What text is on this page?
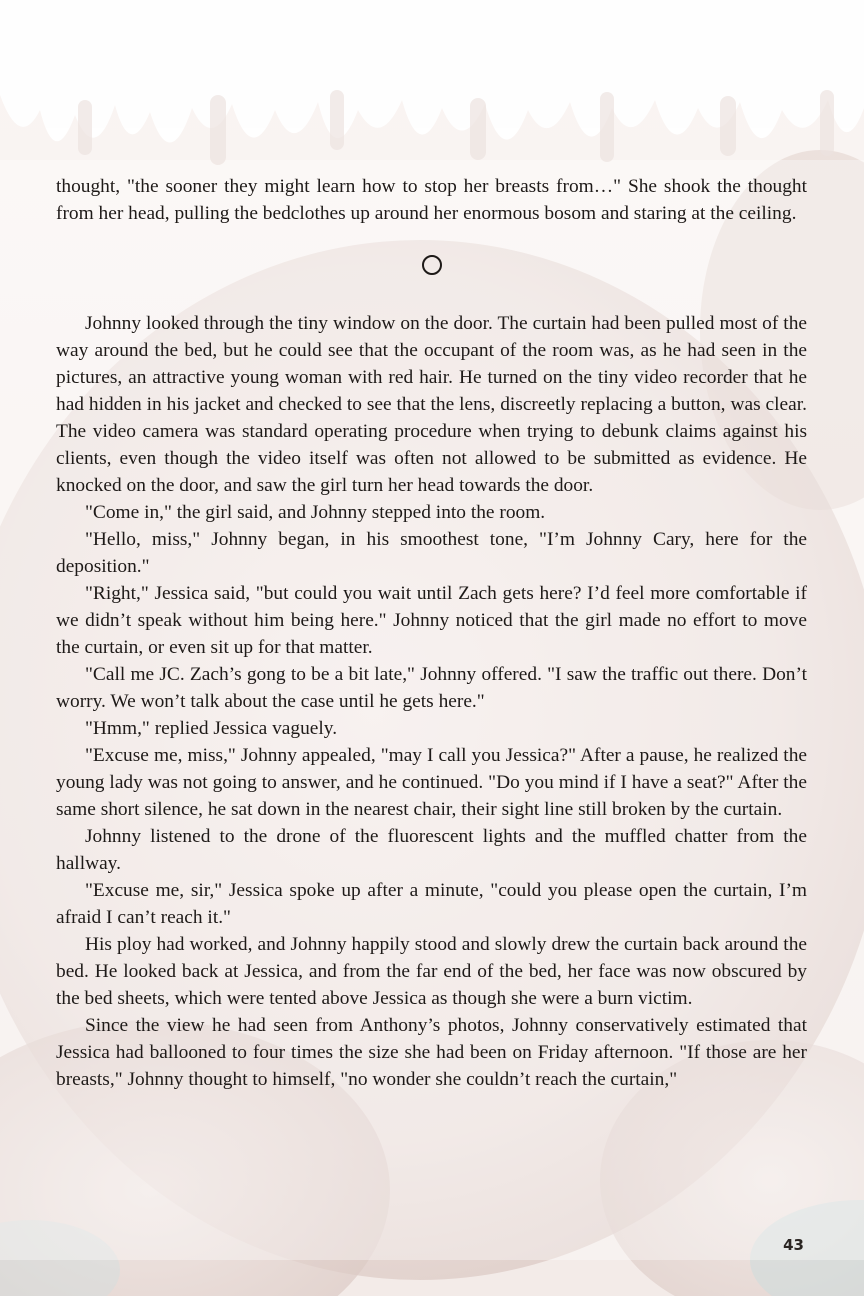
thought, "the sooner they might learn how to stop her breasts from…" She shook the thought from her head, pulling the bedclothes up around her enormous bosom and staring at the ceiling.

Johnny looked through the tiny window on the door. The curtain had been pulled most of the way around the bed, but he could see that the occupant of the room was, as he had seen in the pictures, an attractive young woman with red hair. He turned on the tiny video recorder that he had hidden in his jacket and checked to see that the lens, discreetly replacing a button, was clear. The video camera was standard operating procedure when trying to debunk claims against his clients, even though the video itself was often not allowed to be submitted as evidence. He knocked on the door, and saw the girl turn her head towards the door.

"Come in," the girl said, and Johnny stepped into the room.

"Hello, miss," Johnny began, in his smoothest tone, "I’m Johnny Cary, here for the deposition."

"Right," Jessica said, "but could you wait until Zach gets here? I’d feel more comfortable if we didn’t speak without him being here." Johnny noticed that the girl made no effort to move the curtain, or even sit up for that matter.

"Call me JC. Zach’s gong to be a bit late," Johnny offered. "I saw the traffic out there. Don’t worry. We won’t talk about the case until he gets here."

"Hmm," replied Jessica vaguely.

"Excuse me, miss," Johnny appealed, "may I call you Jessica?" After a pause, he realized the young lady was not going to answer, and he continued. "Do you mind if I have a seat?" After the same short silence, he sat down in the nearest chair, their sight line still broken by the curtain.

Johnny listened to the drone of the fluorescent lights and the muffled chatter from the hallway.

"Excuse me, sir," Jessica spoke up after a minute, "could you please open the curtain, I’m afraid I can’t reach it."

His ploy had worked, and Johnny happily stood and slowly drew the curtain back around the bed. He looked back at Jessica, and from the far end of the bed, her face was now obscured by the bed sheets, which were tented above Jessica as though she were a burn victim.

Since the view he had seen from Anthony’s photos, Johnny conservatively estimated that Jessica had ballooned to four times the size she had been on Friday afternoon. "If those are her breasts," Johnny thought to himself, "no wonder she couldn’t reach the curtain,"

43
